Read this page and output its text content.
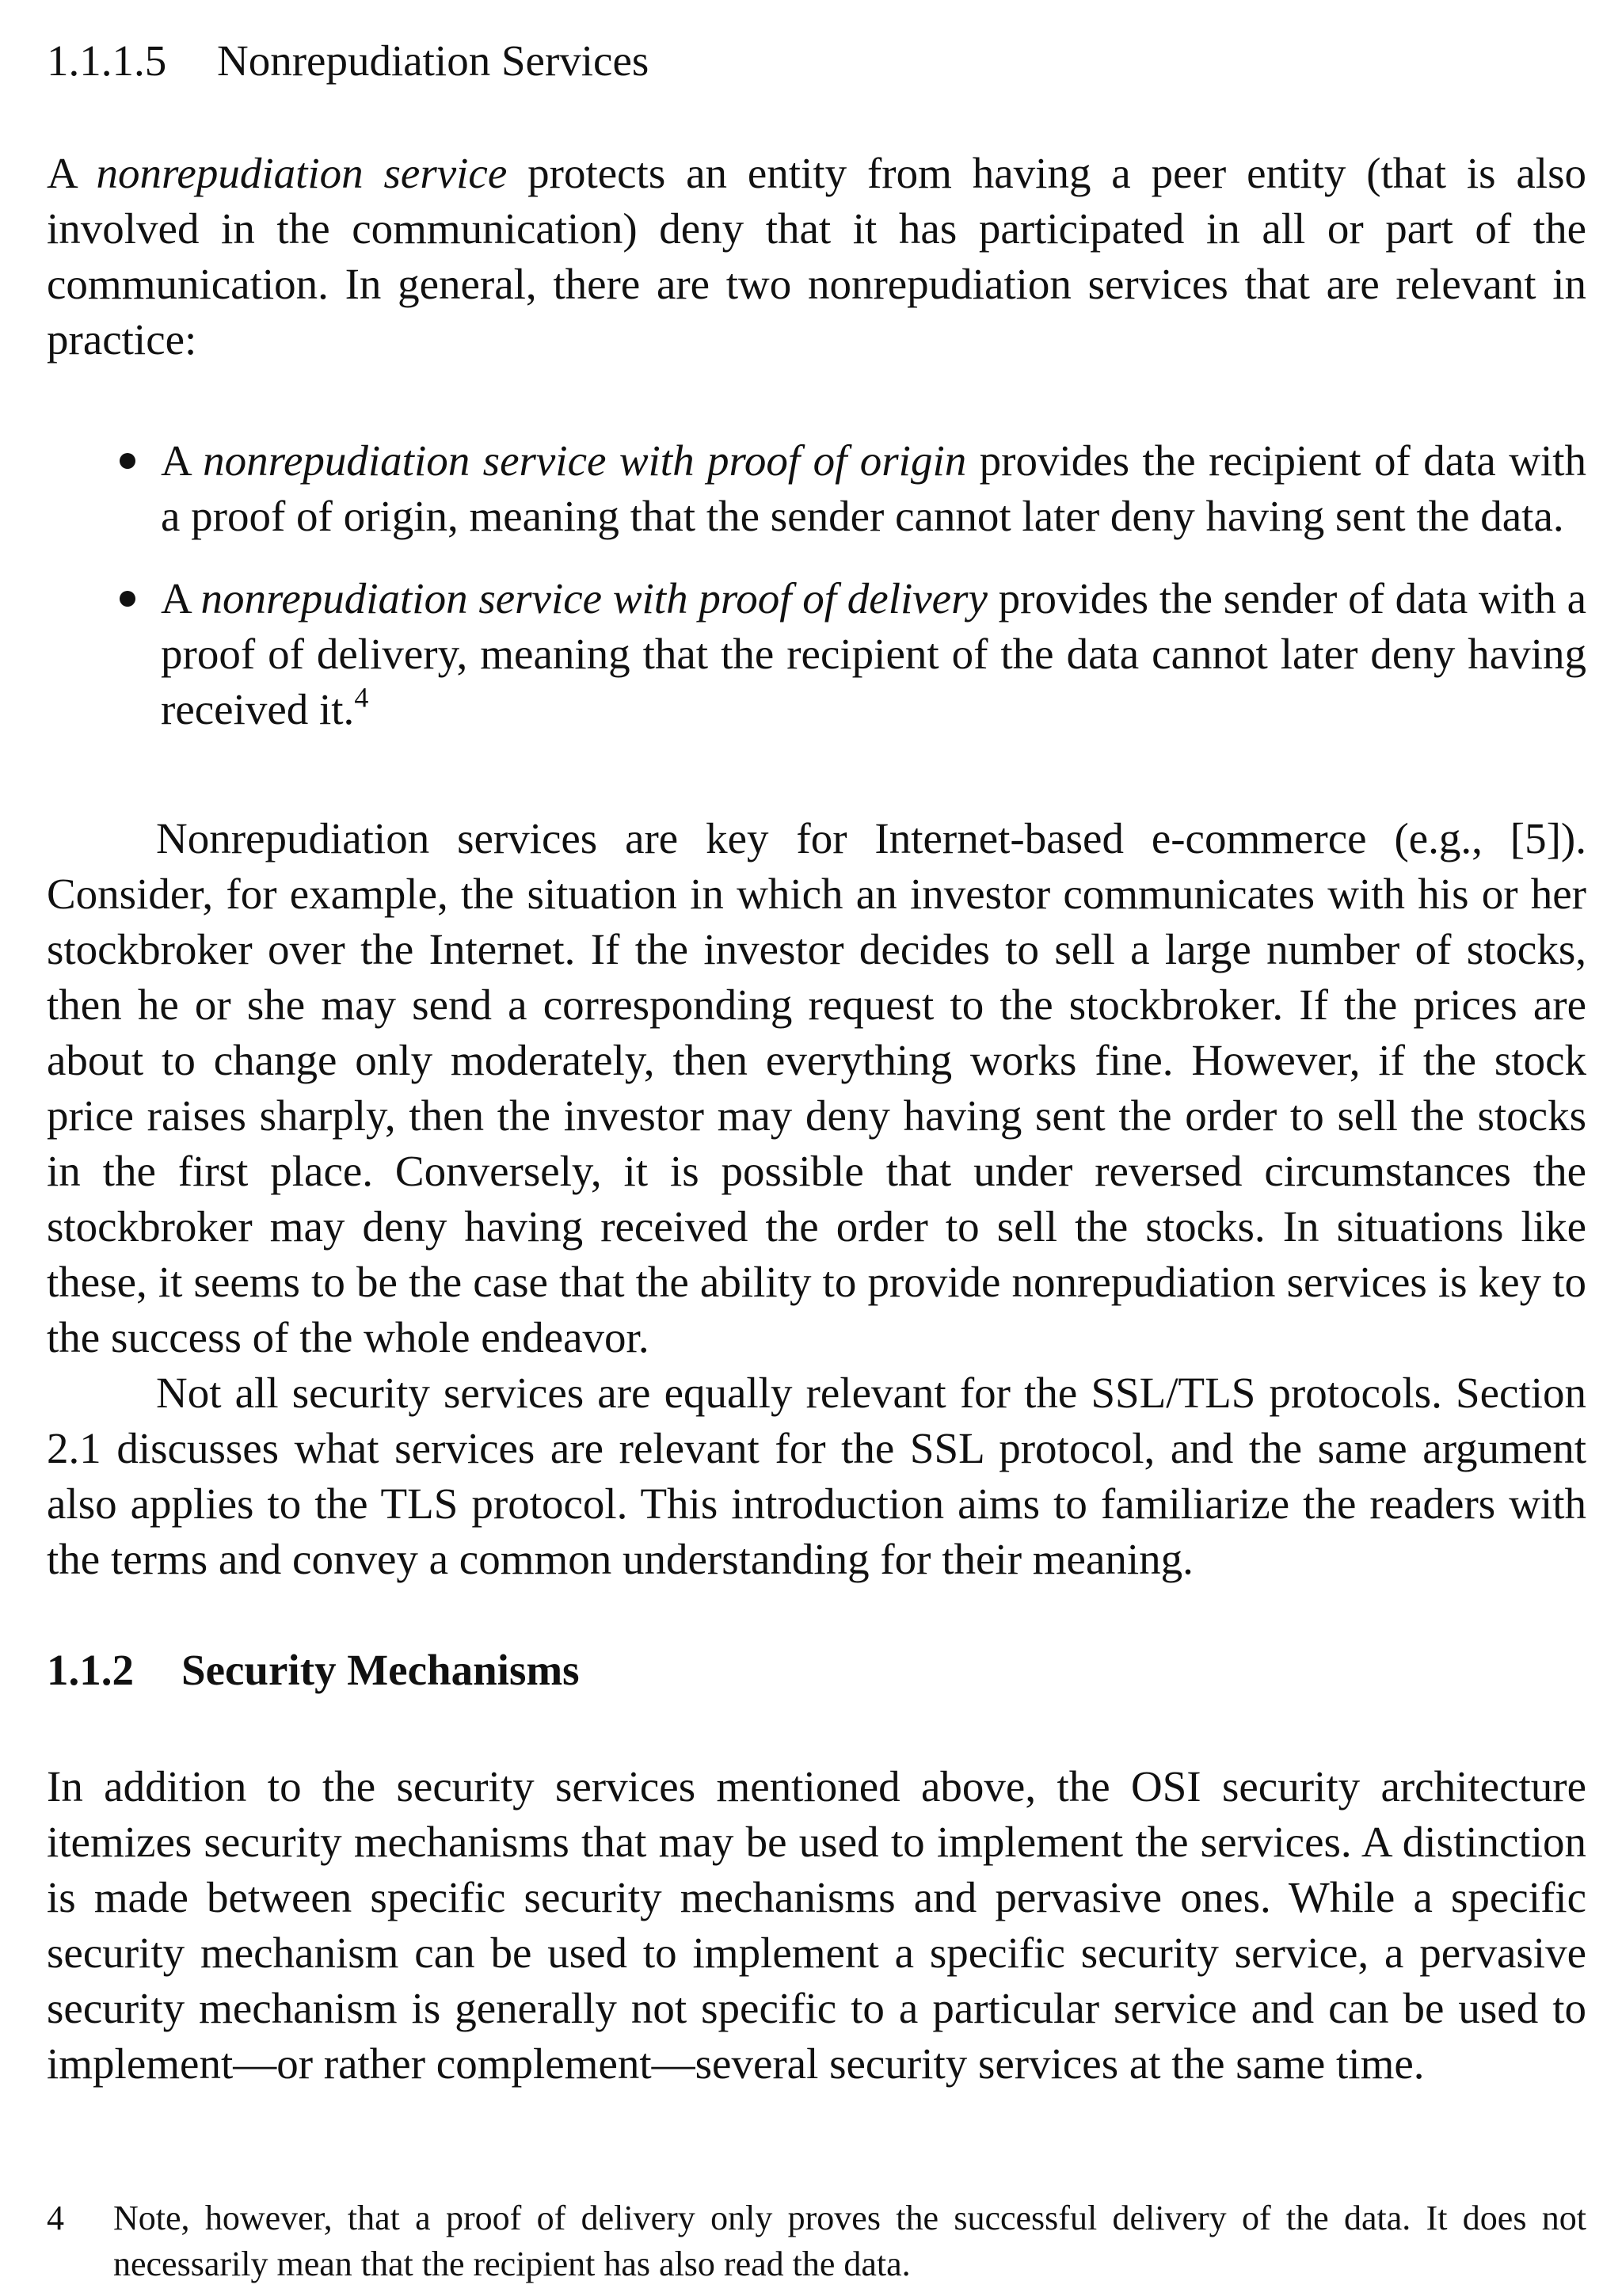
1.1.1.5 Nonrepudiation Services

A nonrepudiation service protects an entity from having a peer entity (that is also involved in the communication) deny that it has participated in all or part of the communication. In general, there are two nonrepudiation services that are relevant in practice:

A nonrepudiation service with proof of origin provides the recipient of data with a proof of origin, meaning that the sender cannot later deny having sent the data.
A nonrepudiation service with proof of delivery provides the sender of data with a proof of delivery, meaning that the recipient of the data cannot later deny having received it.$^4$

Nonrepudiation services are key for Internet-based e-commerce (e.g., [5]). Consider, for example, the situation in which an investor communicates with his or her stockbroker over the Internet. If the investor decides to sell a large number of stocks, then he or she may send a corresponding request to the stockbroker. If the prices are about to change only moderately, then everything works fine. However, if the stock price raises sharply, then the investor may deny having sent the order to sell the stocks in the first place. Conversely, it is possible that under reversed circumstances the stockbroker may deny having received the order to sell the stocks. In situations like these, it seems to be the case that the ability to provide nonrepudiation services is key to the success of the whole endeavor.

Not all security services are equally relevant for the SSL/TLS protocols. Section 2.1 discusses what services are relevant for the SSL protocol, and the same argument also applies to the TLS protocol. This introduction aims to familiarize the readers with the terms and convey a common understanding for their meaning.

1.1.2 Security Mechanisms

In addition to the security services mentioned above, the OSI security architecture itemizes security mechanisms that may be used to implement the services. A distinction is made between specific security mechanisms and pervasive ones. While a specific security mechanism can be used to implement a specific security service, a pervasive security mechanism is generally not specific to a particular service and can be used to implement—or rather complement—several security services at the same time.

4 Note, however, that a proof of delivery only proves the successful delivery of the data. It does not necessarily mean that the recipient has also read the data.
